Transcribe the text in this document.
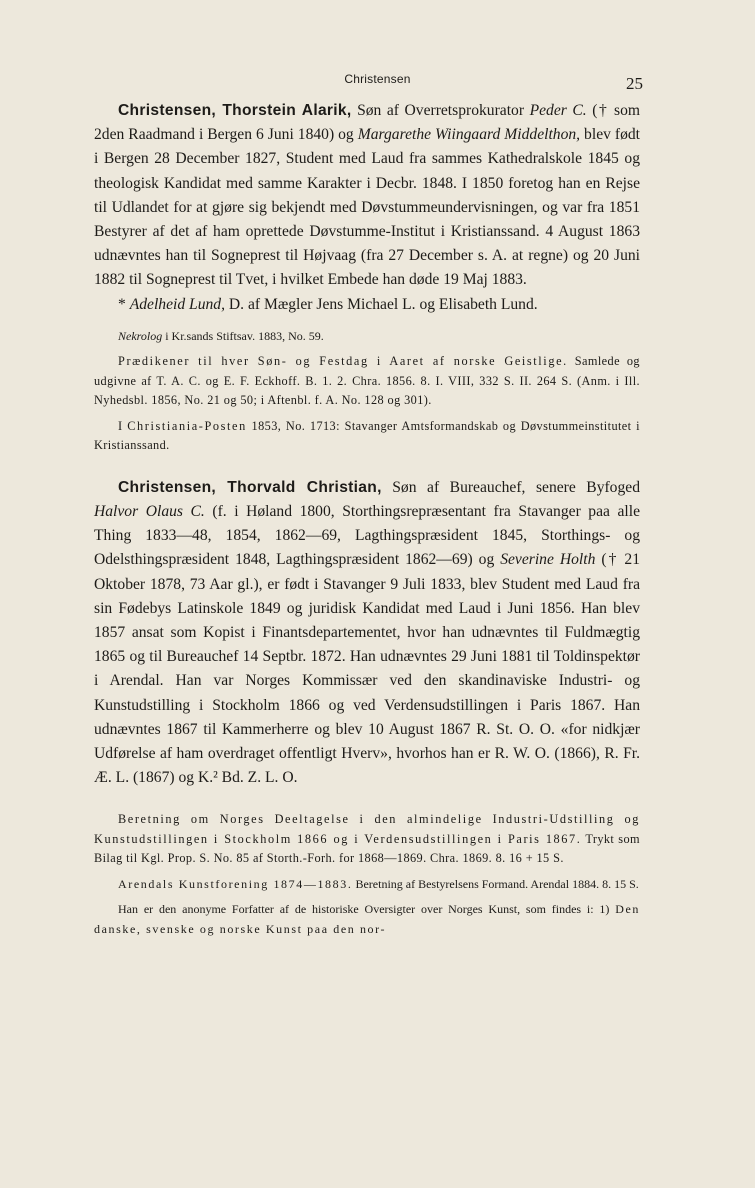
Christensen	25

Christensen, Thorstein Alarik, Søn af Overretsprokurator Peder C. († som 2den Raadmand i Bergen 6 Juni 1840) og Margarethe Wiingaard Middelthon, blev født i Bergen 28 December 1827, Student med Laud fra sammes Kathedralskole 1845 og theologisk Kandidat med samme Karakter i Decbr. 1848. I 1850 foretog han en Rejse til Udlandet for at gjøre sig bekjendt med Døvstummeundervisningen, og var fra 1851 Bestyrer af det af ham oprettede Døvstumme-Institut i Kristianssand. 4 August 1863 udnævntes han til Sogneprest til Højvaag (fra 27 December s. A. at regne) og 20 Juni 1882 til Sogneprest til Tvet, i hvilket Embede han døde 19 Maj 1883.

* Adelheid Lund, D. af Mægler Jens Michael L. og Elisabeth Lund.

Nekrolog i Kr.sands Stiftsav. 1883, No. 59.

Prædikener til hver Søn- og Festdag i Aaret af norske Geistlige. Samlede og udgivne af T. A. C. og E. F. Eckhoff. B. 1. 2. Chra. 1856. 8. I. VIII, 332 S. II. 264 S. (Anm. i Ill. Nyhedsbl. 1856, No. 21 og 50; i Aftenbl. f. A. No. 128 og 301).

I Christiania-Posten 1853, No. 1713: Stavanger Amtsformandskab og Døvstummeinstitutet i Kristianssand.

Christensen, Thorvald Christian, Søn af Bureauchef, senere Byfoged Halvor Olaus C. (f. i Høland 1800, Storthingsrepræsentant fra Stavanger paa alle Thing 1833—48, 1854, 1862—69, Lagthingspræsident 1845, Storthings- og Odelsthingspræsident 1848, Lagthingspræsident 1862—69) og Severine Holth († 21 Oktober 1878, 73 Aar gl.), er født i Stavanger 9 Juli 1833, blev Student med Laud fra sin Fødebys Latinskole 1849 og juridisk Kandidat med Laud i Juni 1856. Han blev 1857 ansat som Kopist i Finantsdepartementet, hvor han udnævntes til Fuldmægtig 1865 og til Bureauchef 14 Septbr. 1872. Han udnævntes 29 Juni 1881 til Toldinspektør i Arendal. Han var Norges Kommissær ved den skandinaviske Industri- og Kunstudstilling i Stockholm 1866 og ved Verdensudstillingen i Paris 1867. Han udnævntes 1867 til Kammerherre og blev 10 August 1867 R. St. O. O. «for nidkjær Udførelse af ham overdraget offentligt Hverv», hvorhos han er R. W. O. (1866), R. Fr. Æ. L. (1867) og K.² Bd. Z. L. O.

Beretning om Norges Deeltagelse i den almindelige Industri-Udstilling og Kunstudstillingen i Stockholm 1866 og i Verdensudstillingen i Paris 1867. Trykt som Bilag til Kgl. Prop. S. No. 85 af Storth.-Forh. for 1868—1869. Chra. 1869. 8. 16 + 15 S.

Arendals Kunstforening 1874—1883. Beretning af Bestyrelsens Formand. Arendal 1884. 8. 15 S.

Han er den anonyme Forfatter af de historiske Oversigter over Norges Kunst, som findes i: 1) Den danske, svenske og norske Kunst paa den nor-
